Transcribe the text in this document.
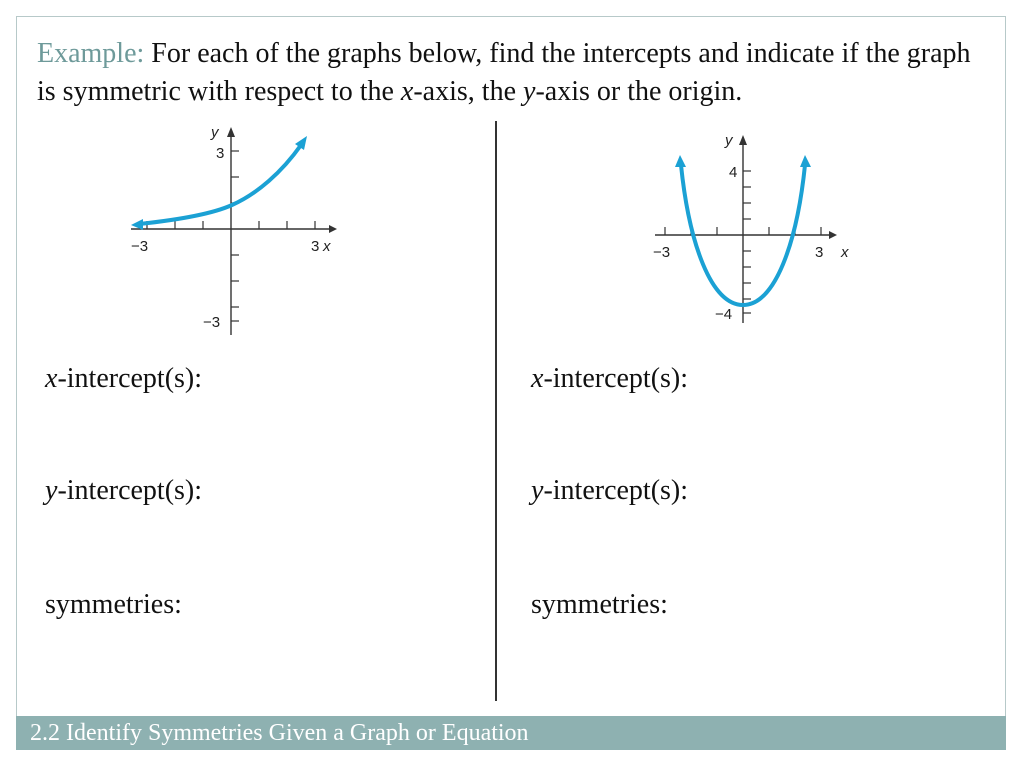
Example: For each of the graphs below, find the intercepts and indicate if the graph is symmetric with respect to the x-axis, the y-axis or the origin.
y
x
3
−3
−3	3
y
x
4
−4
−3	3
x-intercept(s):
y-intercept(s):
symmetries:
x-intercept(s):
y-intercept(s):
symmetries:
2.2 Identify Symmetries Given a Graph or Equation
